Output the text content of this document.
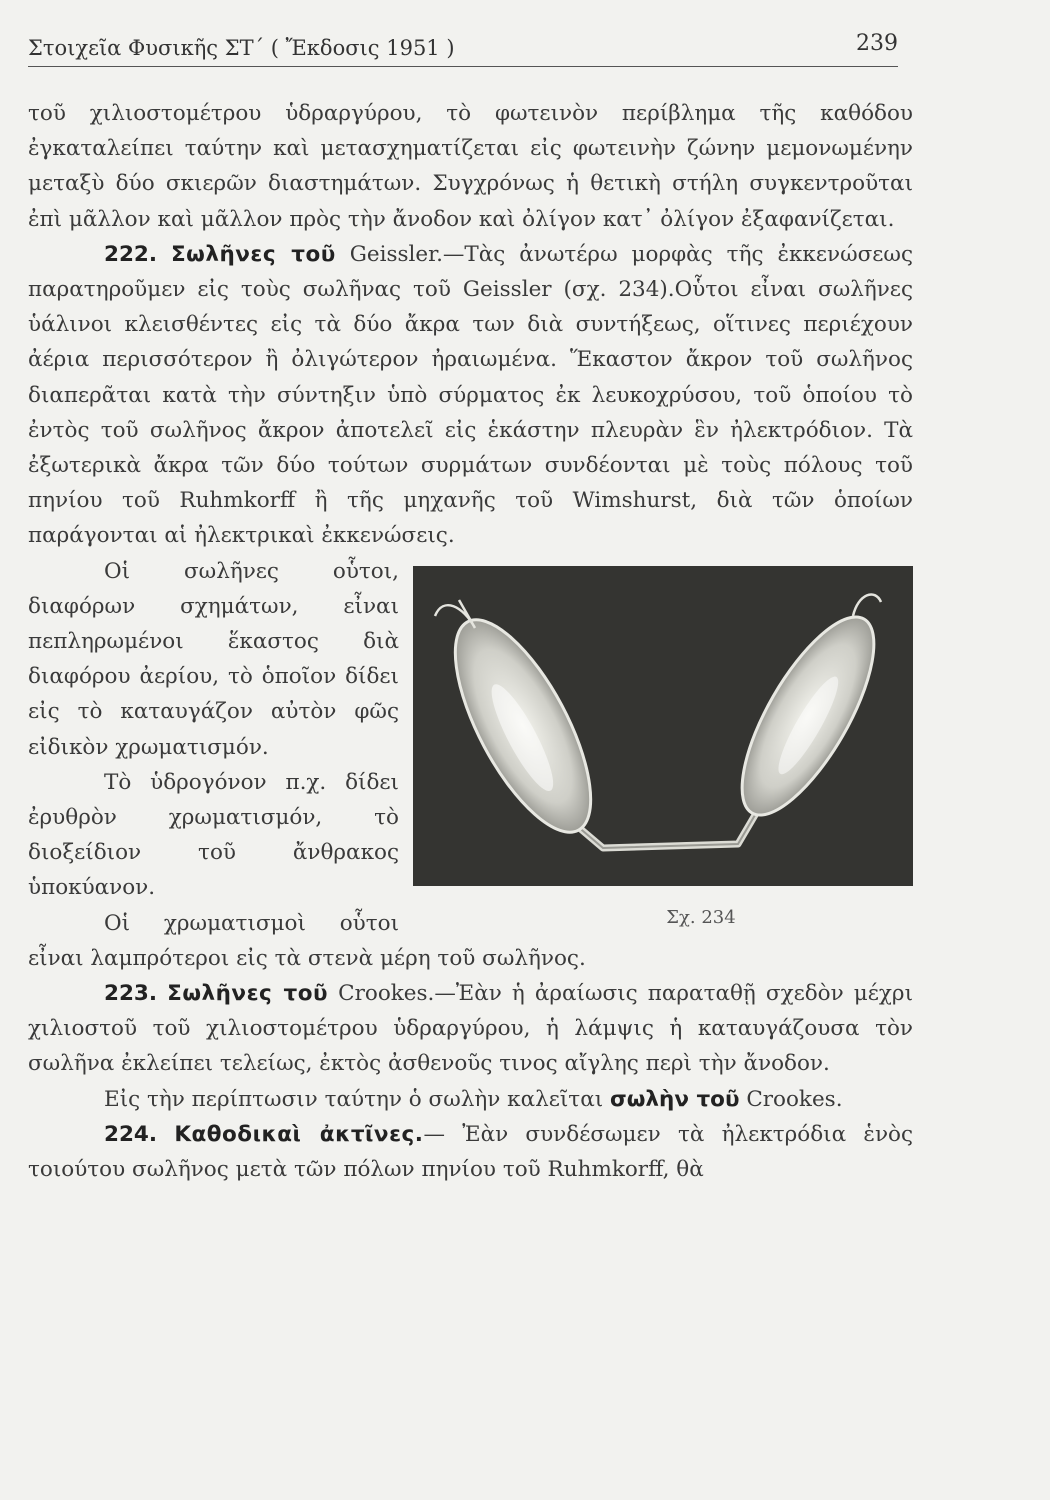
Στοιχεῖα Φυσικῆς ΣΤ΄ ( Ἔκδοσις 1951 )	239

τοῦ χιλιοστομέτρου ὑδραργύρου, τὸ φωτεινὸν περίβλημα τῆς καθόδου ἐγκαταλείπει ταύτην καὶ μετασχηματίζεται εἰς φωτεινὴν ζώνην μεμονωμένην μεταξὺ δύο σκιερῶν διαστημάτων. Συγχρόνως ἡ θετικὴ στήλη συγκεντροῦται ἐπὶ μᾶλλον καὶ μᾶλλον πρὸς τὴν ἄνοδον καὶ ὀλίγον κατ᾽ ὀλίγον ἐξαφανίζεται.

222. Σωλῆνες τοῦ Geissler.—Τὰς ἀνωτέρω μορφὰς τῆς ἐκκενώσεως παρατηροῦμεν εἰς τοὺς σωλῆνας τοῦ Geissler (σχ. 234).Οὗτοι εἶναι σωλῆνες ὑάλινοι κλεισθέντες εἰς τὰ δύο ἄκρα των διὰ συντήξεως, οἵτινες περιέχουν ἀέρια περισσότερον ἢ ὀλιγώτερον ἠραιωμένα. Ἕκαστον ἄκρον τοῦ σωλῆνος διαπερᾶται κατὰ τὴν σύντηξιν ὑπὸ σύρματος ἐκ λευκοχρύσου, τοῦ ὁποίου τὸ ἐντὸς τοῦ σωλῆνος ἄκρον ἀποτελεῖ εἰς ἑκάστην πλευρὰν ἓν ἠλεκτρόδιον. Τὰ ἐξωτερικὰ ἄκρα τῶν δύο τούτων συρμάτων συνδέονται μὲ τοὺς πόλους τοῦ πηνίου τοῦ Ruhmkorff ἢ τῆς μηχανῆς τοῦ Wimshurst, διὰ τῶν ὁποίων παράγονται αἱ ἠλεκτρικαὶ ἐκκενώσεις.

Σχ. 234
Οἱ σωλῆνες οὗτοι, διαφόρων σχημάτων, εἶναι πεπληρωμένοι ἕκαστος διὰ διαφόρου ἀερίου, τὸ ὁποῖον δίδει εἰς τὸ καταυγάζον αὐτὸν φῶς εἰδικὸν χρωματισμόν.

Τὸ ὑδρογόνον π.χ. δίδει ἐρυθρὸν χρωματισμόν, τὸ διοξείδιον τοῦ ἄνθρακος ὑποκύανον.

Οἱ χρωματισμοὶ οὗτοι εἶναι λαμπρότεροι εἰς τὰ στενὰ μέρη τοῦ σωλῆνος.

223. Σωλῆνες τοῦ Crookes.—Ἐὰν ἡ ἀραίωσις παραταθῇ σχεδὸν μέχρι χιλιοστοῦ τοῦ χιλιοστομέτρου ὑδραργύρου, ἡ λάμψις ἡ καταυγάζουσα τὸν σωλῆνα ἐκλείπει τελείως, ἐκτὸς ἀσθενοῦς τινος αἴγλης περὶ τὴν ἄνοδον.

Εἰς τὴν περίπτωσιν ταύτην ὁ σωλὴν καλεῖται σωλὴν τοῦ Crookes.

224. Καθοδικαὶ ἀκτῖνες.— Ἐὰν συνδέσωμεν τὰ ἠλεκτρόδια ἑνὸς τοιούτου σωλῆνος μετὰ τῶν πόλων πηνίου τοῦ Ruhmkorff, θὰ
